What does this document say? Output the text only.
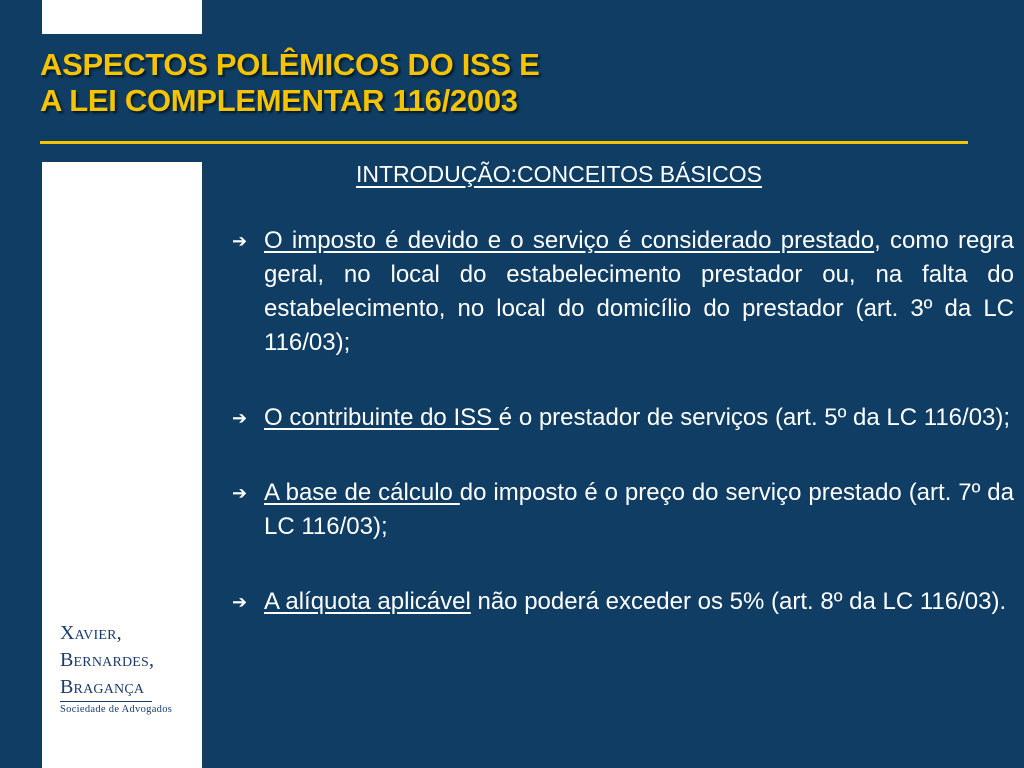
ASPECTOS POLÊMICOS DO ISS E
A LEI COMPLEMENTAR 116/2003
Xavier,
Bernardes,
Bragança
Sociedade de Advogados
INTRODUÇÃO:CONCEITOS BÁSICOS
➔ O imposto é devido e o serviço é considerado prestado, como regra geral, no local do estabelecimento prestador ou, na falta do estabelecimento, no local do domicílio do prestador (art. 3º da LC 116/03);
➔ O contribuinte do ISS é o prestador de serviços (art. 5º da LC 116/03);
➔ A base de cálculo do imposto é o preço do serviço prestado (art. 7º da LC 116/03);
➔ A alíquota aplicável não poderá exceder os 5% (art. 8º da LC 116/03).
